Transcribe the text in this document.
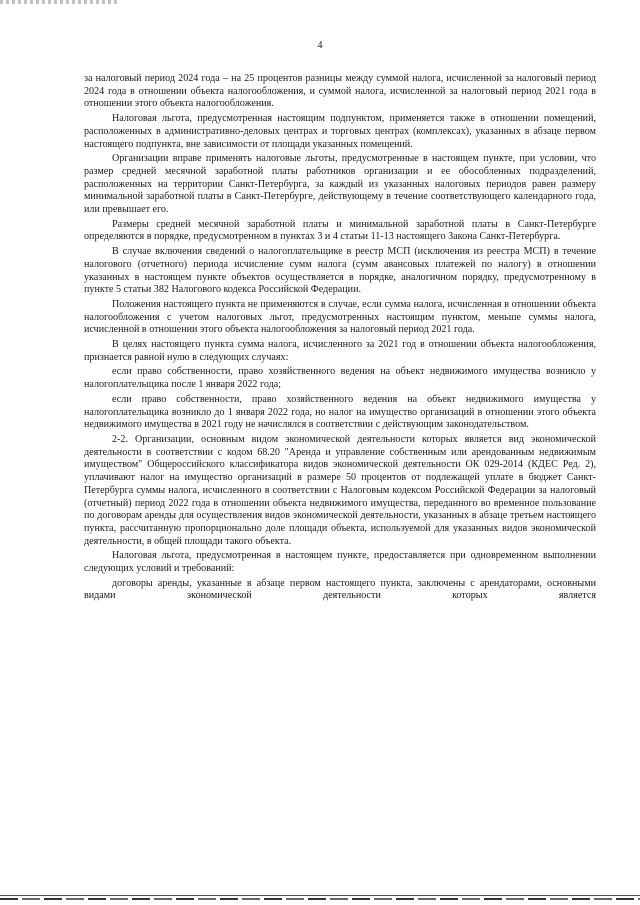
4

за налоговый период 2024 года – на 25 процентов разницы между суммой налога, исчисленной за налоговый период 2024 года в отношении объекта налогообложения, и суммой налога, исчисленной за налоговый период 2021 года в отношении этого объекта налогообложения.

Налоговая льгота, предусмотренная настоящим подпунктом, применяется также в отношении помещений, расположенных в административно-деловых центрах и торговых центрах (комплексах), указанных в абзаце первом настоящего подпункта, вне зависимости от площади указанных помещений.

Организации вправе применять налоговые льготы, предусмотренные в настоящем пункте, при условии, что размер средней месячной заработной платы работников организации и ее обособленных подразделений, расположенных на территории Санкт-Петербурга, за каждый из указанных налоговых периодов равен размеру минимальной заработной платы в Санкт-Петербурге, действующему в течение соответствующего календарного года, или превышает его.

Размеры средней месячной заработной платы и минимальной заработной платы в Санкт-Петербурге определяются в порядке, предусмотренном в пунктах 3 и 4 статьи 11-13 настоящего Закона Санкт-Петербурга.

В случае включения сведений о налогоплательщике в реестр МСП (исключения из реестра МСП) в течение налогового (отчетного) периода исчисление сумм налога (сумм авансовых платежей по налогу) в отношении указанных в настоящем пункте объектов осуществляется в порядке, аналогичном порядку, предусмотренному в пункте 5 статьи 382 Налогового кодекса Российской Федерации.

Положения настоящего пункта не применяются в случае, если сумма налога, исчисленная в отношении объекта налогообложения с учетом налоговых льгот, предусмотренных настоящим пунктом, меньше суммы налога, исчисленной в отношении этого объекта налогообложения за налоговый период 2021 года.

В целях настоящего пункта сумма налога, исчисленного за 2021 год в отношении объекта налогообложения, признается равной нулю в следующих случаях:

если право собственности, право хозяйственного ведения на объект недвижимого имущества возникло у налогоплательщика после 1 января 2022 года;

если право собственности, право хозяйственного ведения на объект недвижимого имущества у налогоплательщика возникло до 1 января 2022 года, но налог на имущество организаций в отношении этого объекта недвижимого имущества в 2021 году не начислялся в соответствии с действующим законодательством.

2-2. Организации, основным видом экономической деятельности которых является вид экономической деятельности в соответствии с кодом 68.20 "Аренда и управление собственным или арендованным недвижимым имуществом" Общероссийского классификатора видов экономической деятельности ОК 029-2014 (КДЕС Ред. 2), уплачивают налог на имущество организаций в размере 50 процентов от подлежащей уплате в бюджет Санкт-Петербурга суммы налога, исчисленного в соответствии с Налоговым кодексом Российской Федерации за налоговый (отчетный) период 2022 года в отношении объекта недвижимого имущества, переданного во временное пользование по договорам аренды для осуществления видов экономической деятельности, указанных в абзаце третьем настоящего пункта, рассчитанную пропорционально доле площади объекта, используемой для указанных видов экономической деятельности, в общей площади такого объекта.

Налоговая льгота, предусмотренная в настоящем пункте, предоставляется при одновременном выполнении следующих условий и требований:

договоры аренды, указанные в абзаце первом настоящего пункта, заключены с арендаторами, основными видами экономической деятельности которых является
